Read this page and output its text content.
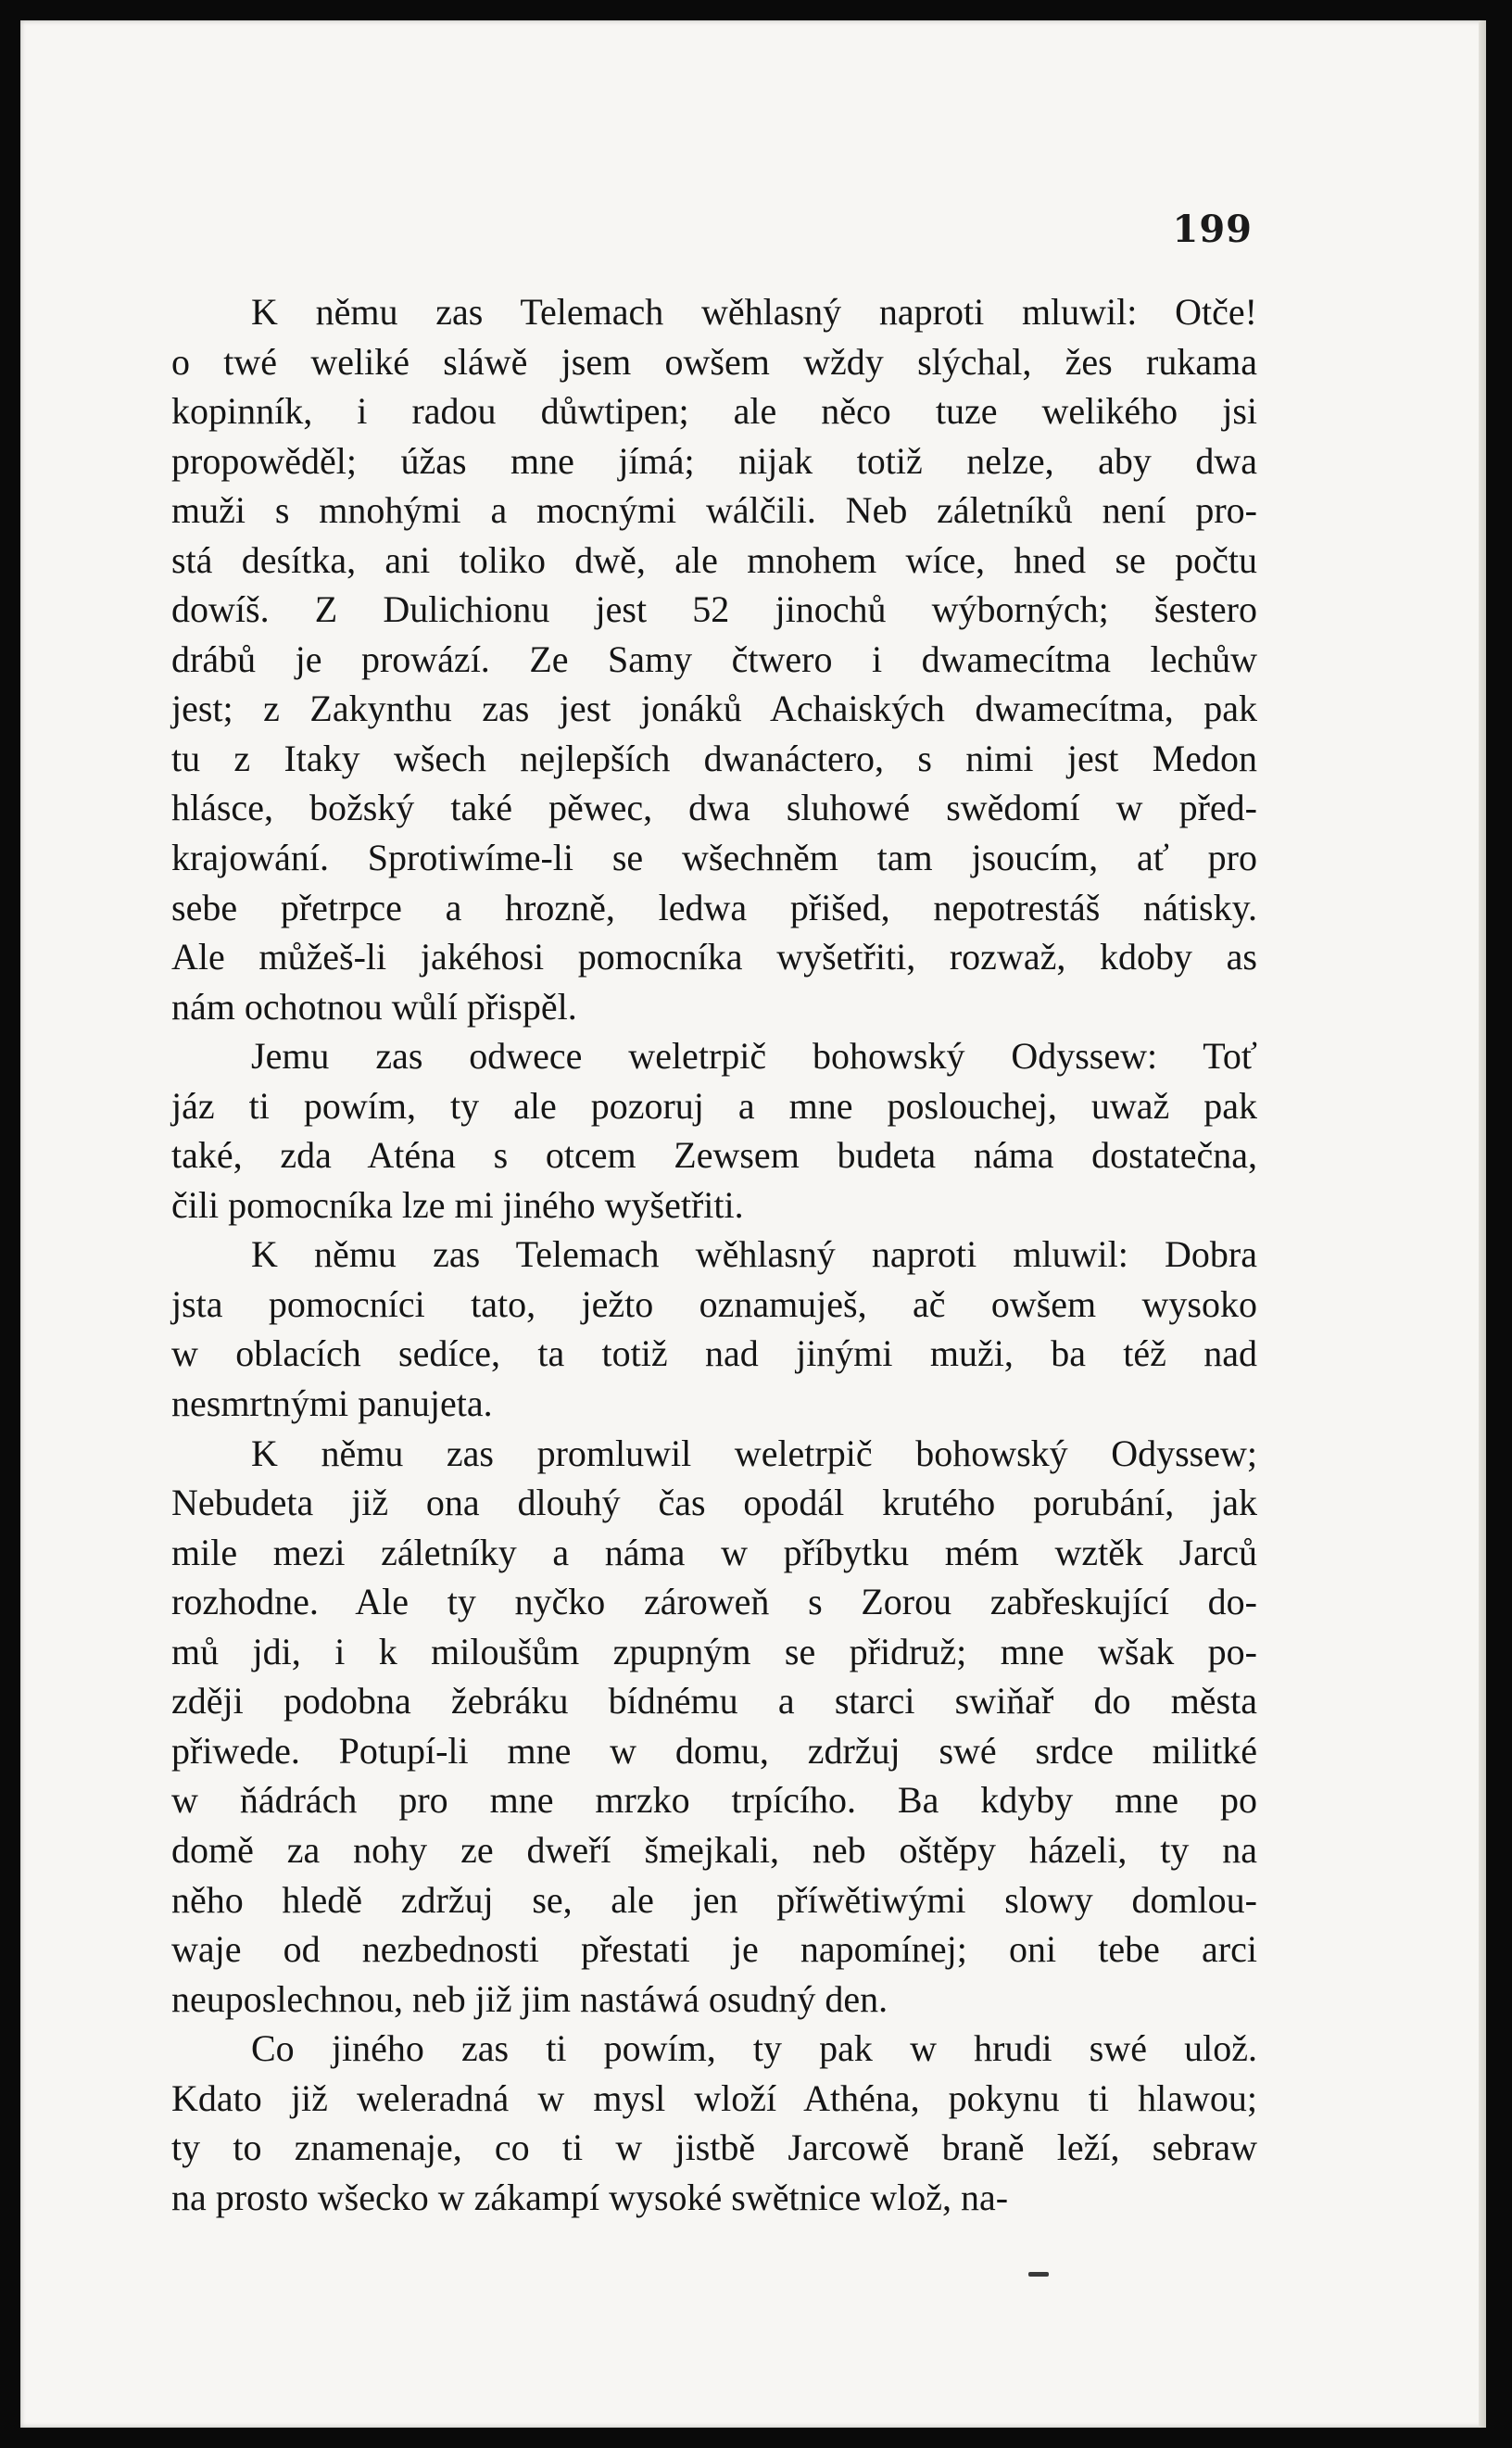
199
K němu zas Telemach wěhlasný naproti mluwil: Otče!
o twé weliké sláwě jsem owšem wždy slýchal, žes rukama
kopinník, i radou důwtipen; ale něco tuze welikého jsi
propowěděl; úžas mne jímá; nijak totiž nelze, aby dwa
muži s mnohými a mocnými wálčili. Neb záletníků není pro-
stá desítka, ani toliko dwě, ale mnohem wíce, hned se počtu
dowíš. Z Dulichionu jest 52 jinochů wýborných; šestero
drábů je prowází. Ze Samy čtwero i dwamecítma lechůw
jest; z Zakynthu zas jest jonáků Achaiských dwamecítma, pak
tu z Itaky wšech nejlepších dwanáctero, s nimi jest Medon
hlásce, božský také pěwec, dwa sluhowé swědomí w před-
krajowání. Sprotiwíme-li se wšechněm tam jsoucím, ať pro
sebe přetrpce a hrozně, ledwa přišed, nepotrestáš nátisky.
Ale můžeš-li jakéhosi pomocníka wyšetřiti, rozwaž, kdoby as
nám ochotnou wůlí přispěl.
Jemu zas odwece weletrpič bohowský Odyssew: Toť
jáz ti powím, ty ale pozoruj a mne poslouchej, uwaž pak
také, zda Aténa s otcem Zewsem budeta náma dostatečna,
čili pomocníka lze mi jiného wyšetřiti.
K němu zas Telemach wěhlasný naproti mluwil: Dobra
jsta pomocníci tato, ježto oznamuješ, ač owšem wysoko
w oblacích sedíce, ta totiž nad jinými muži, ba též nad
nesmrtnými panujeta.
K němu zas promluwil weletrpič bohowský Odyssew;
Nebudeta již ona dlouhý čas opodál krutého porubání, jak
mile mezi záletníky a náma w příbytku mém wztěk Jarců
rozhodne. Ale ty nyčko zároweň s Zorou zabřeskující do-
mů jdi, i k miloušům zpupným se přidruž; mne wšak po-
zději podobna žebráku bídnému a starci swiňař do města
přiwede. Potupí-li mne w domu, zdržuj swé srdce militké
w ňádrách pro mne mrzko trpícího. Ba kdyby mne po
domě za nohy ze dweří šmejkali, neb oštěpy házeli, ty na
něho hledě zdržuj se, ale jen příwětiwými slowy domlou-
waje od nezbednosti přestati je napomínej; oni tebe arci
neuposlechnou, neb již jim nastáwá osudný den.
Co jiného zas ti powím, ty pak w hrudi swé ulož.
Kdato již weleradná w mysl wloží Athéna, pokynu ti hlawou;
ty to znamenaje, co ti w jistbě Jarcowě braně leží, sebraw
na prosto wšecko w zákampí wysoké swětnice wlož, na-
